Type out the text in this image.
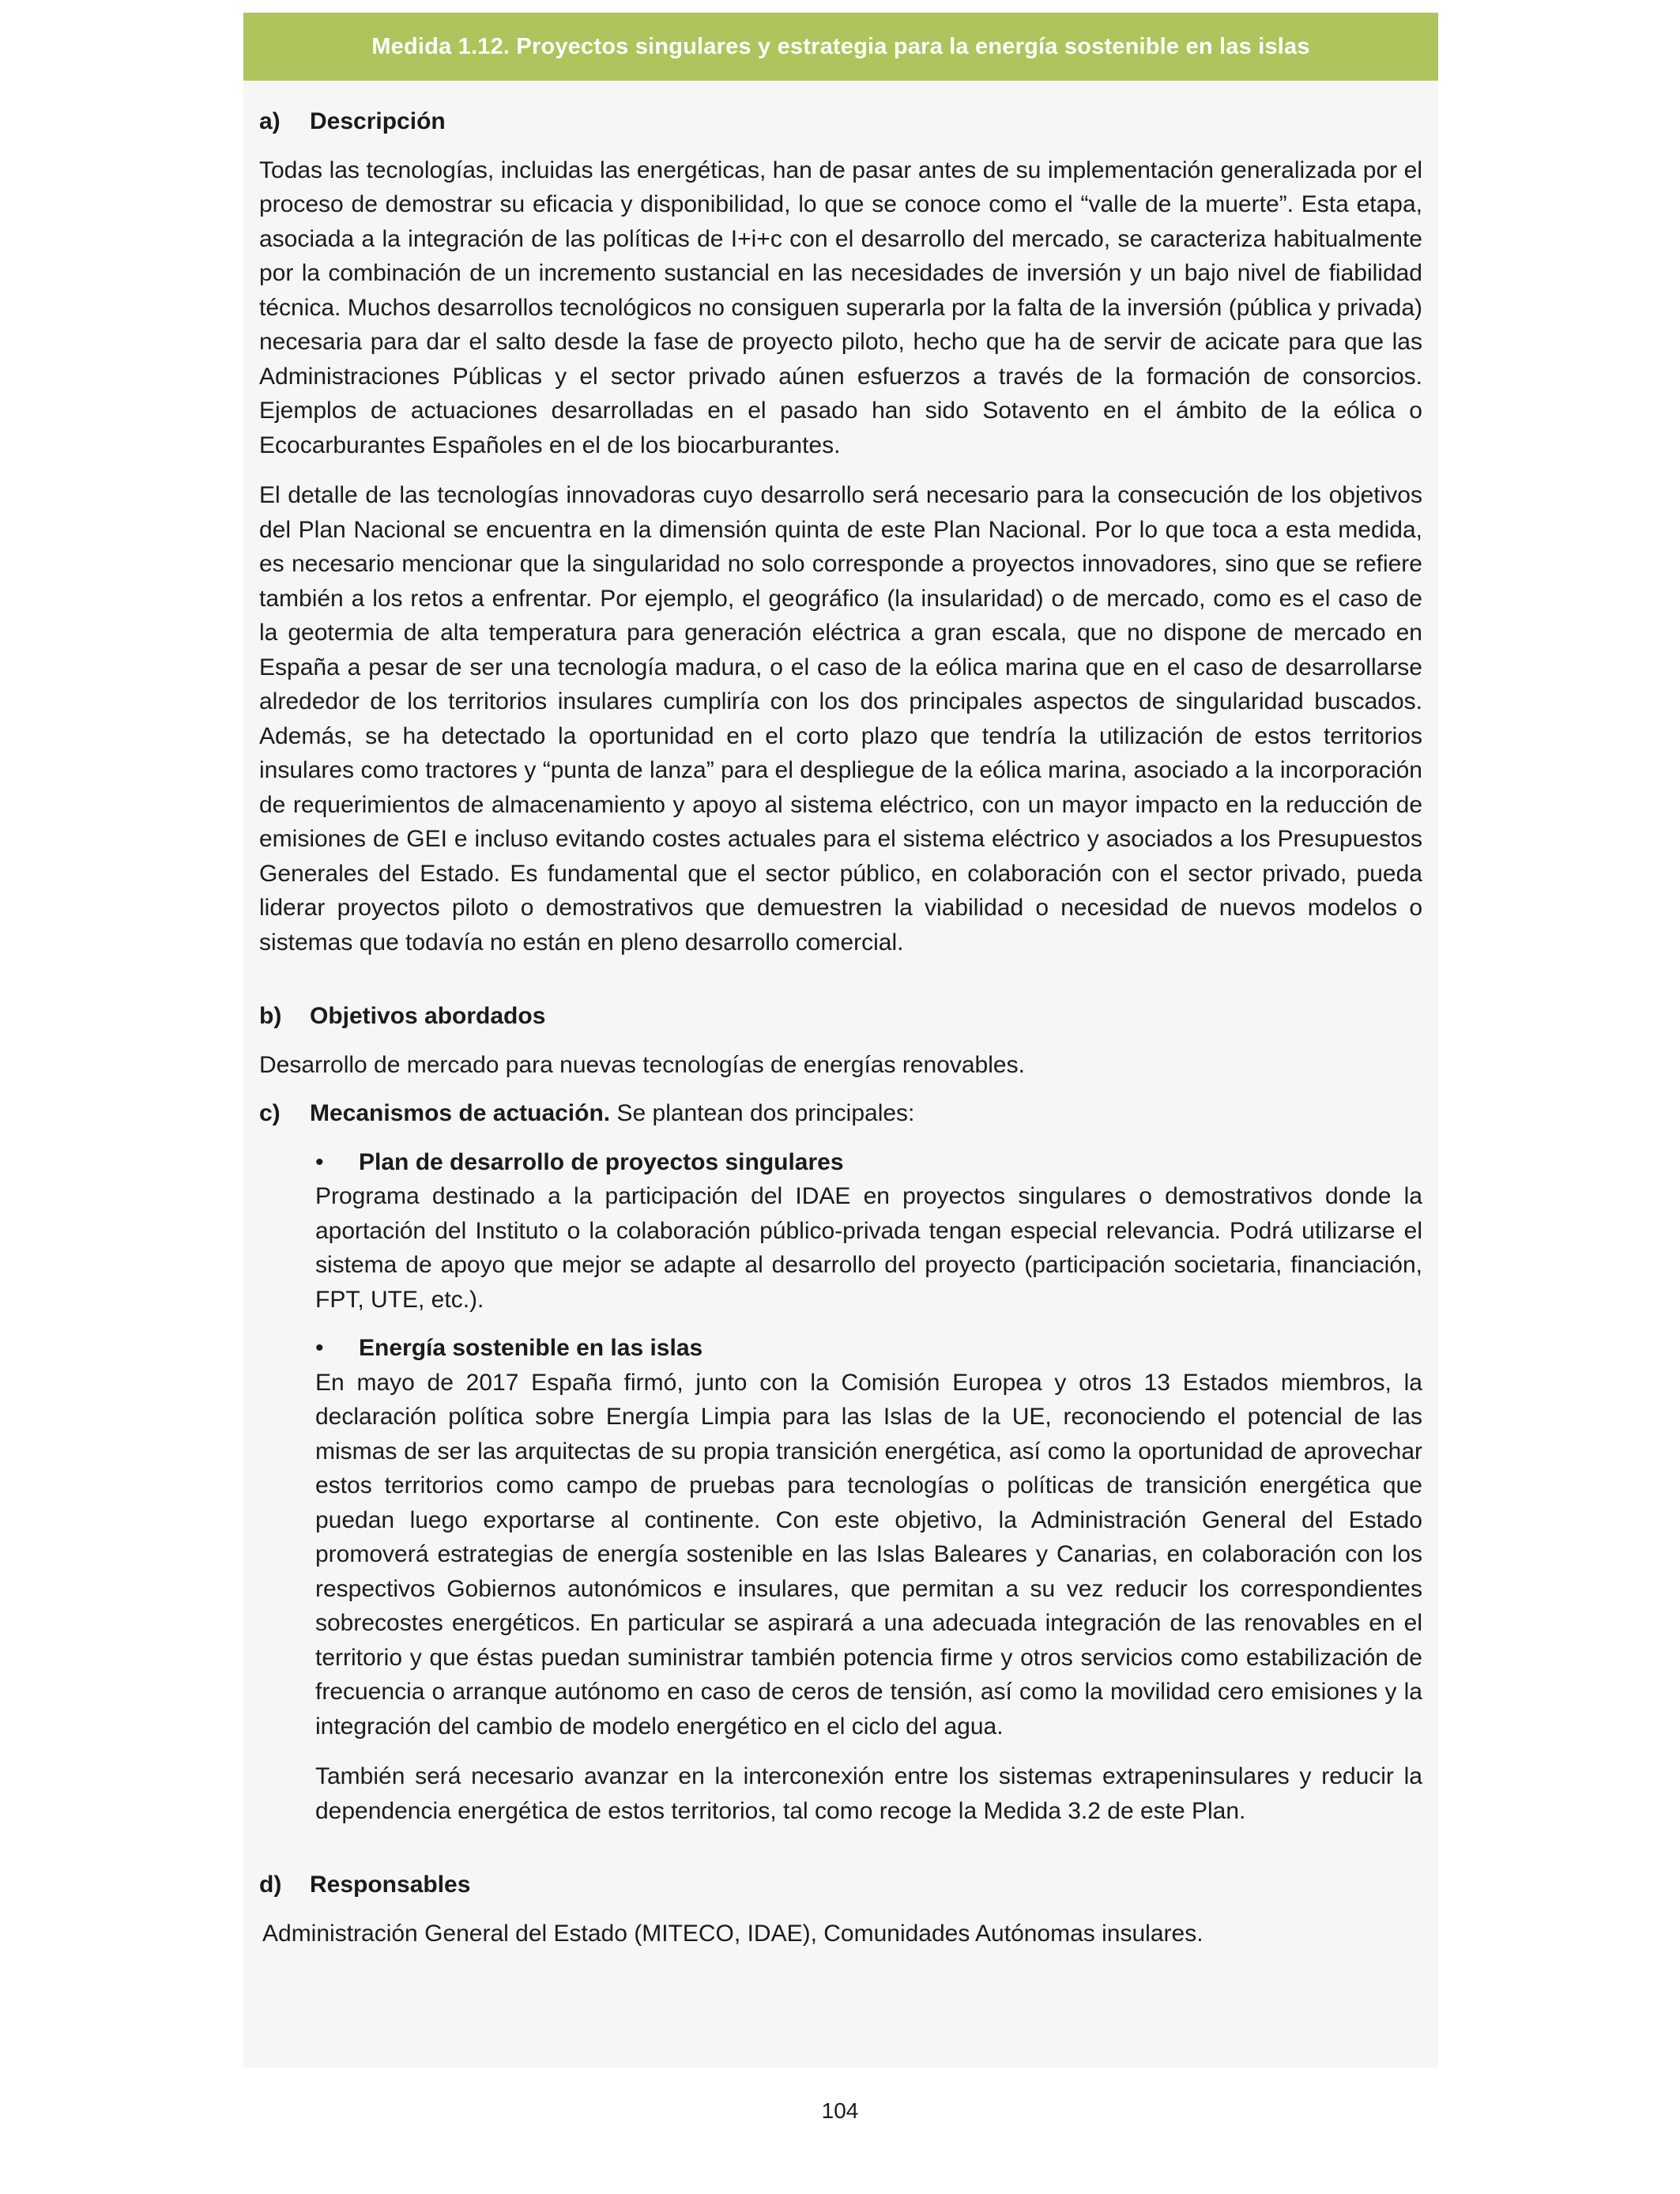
Medida 1.12. Proyectos singulares y estrategia para la energía sostenible en las islas
a)	Descripción

Todas las tecnologías, incluidas las energéticas, han de pasar antes de su implementación generalizada por el proceso de demostrar su eficacia y disponibilidad, lo que se conoce como el “valle de la muerte”. Esta etapa, asociada a la integración de las políticas de I+i+c con el desarrollo del mercado, se caracteriza habitualmente por la combinación de un incremento sustancial en las necesidades de inversión y un bajo nivel de fiabilidad técnica. Muchos desarrollos tecnológicos no consiguen superarla por la falta de la inversión (pública y privada) necesaria para dar el salto desde la fase de proyecto piloto, hecho que ha de servir de acicate para que las Administraciones Públicas y el sector privado aúnen esfuerzos a través de la formación de consorcios. Ejemplos de actuaciones desarrolladas en el pasado han sido Sotavento en el ámbito de la eólica o Ecocarburantes Españoles en el de los biocarburantes.

El detalle de las tecnologías innovadoras cuyo desarrollo será necesario para la consecución de los objetivos del Plan Nacional se encuentra en la dimensión quinta de este Plan Nacional. Por lo que toca a esta medida, es necesario mencionar que la singularidad no solo corresponde a proyectos innovadores, sino que se refiere también a los retos a enfrentar. Por ejemplo, el geográfico (la insularidad) o de mercado, como es el caso de la geotermia de alta temperatura para generación eléctrica a gran escala, que no dispone de mercado en España a pesar de ser una tecnología madura, o el caso de la eólica marina que en el caso de desarrollarse alrededor de los territorios insulares cumpliría con los dos principales aspectos de singularidad buscados. Además, se ha detectado la oportunidad en el corto plazo que tendría la utilización de estos territorios insulares como tractores y “punta de lanza” para el despliegue de la eólica marina, asociado a la incorporación de requerimientos de almacenamiento y apoyo al sistema eléctrico, con un mayor impacto en la reducción de emisiones de GEI e incluso evitando costes actuales para el sistema eléctrico y asociados a los Presupuestos Generales del Estado. Es fundamental que el sector público, en colaboración con el sector privado, pueda liderar proyectos piloto o demostrativos que demuestren la viabilidad o necesidad de nuevos modelos o sistemas que todavía no están en pleno desarrollo comercial.

b)	Objetivos abordados

Desarrollo de mercado para nuevas tecnologías de energías renovables.

c)	Mecanismos de actuación. Se plantean dos principales:
•	Plan de desarrollo de proyectos singulares

Programa destinado a la participación del IDAE en proyectos singulares o demostrativos donde la aportación del Instituto o la colaboración público-privada tengan especial relevancia. Podrá utilizarse el sistema de apoyo que mejor se adapte al desarrollo del proyecto (participación societaria, financiación, FPT, UTE, etc.).

•	Energía sostenible en las islas

En mayo de 2017 España firmó, junto con la Comisión Europea y otros 13 Estados miembros, la declaración política sobre Energía Limpia para las Islas de la UE, reconociendo el potencial de las mismas de ser las arquitectas de su propia transición energética, así como la oportunidad de aprovechar estos territorios como campo de pruebas para tecnologías o políticas de transición energética que puedan luego exportarse al continente. Con este objetivo, la Administración General del Estado promoverá estrategias de energía sostenible en las Islas Baleares y Canarias, en colaboración con los respectivos Gobiernos autonómicos e insulares, que permitan a su vez reducir los correspondientes sobrecostes energéticos. En particular se aspirará a una adecuada integración de las renovables en el territorio y que éstas puedan suministrar también potencia firme y otros servicios como estabilización de frecuencia o arranque autónomo en caso de ceros de tensión, así como la movilidad cero emisiones y la integración del cambio de modelo energético en el ciclo del agua.

También será necesario avanzar en la interconexión entre los sistemas extrapeninsulares y reducir la dependencia energética de estos territorios, tal como recoge la Medida 3.2 de este Plan.

d)	Responsables

Administración General del Estado (MITECO, IDAE), Comunidades Autónomas insulares.

104
